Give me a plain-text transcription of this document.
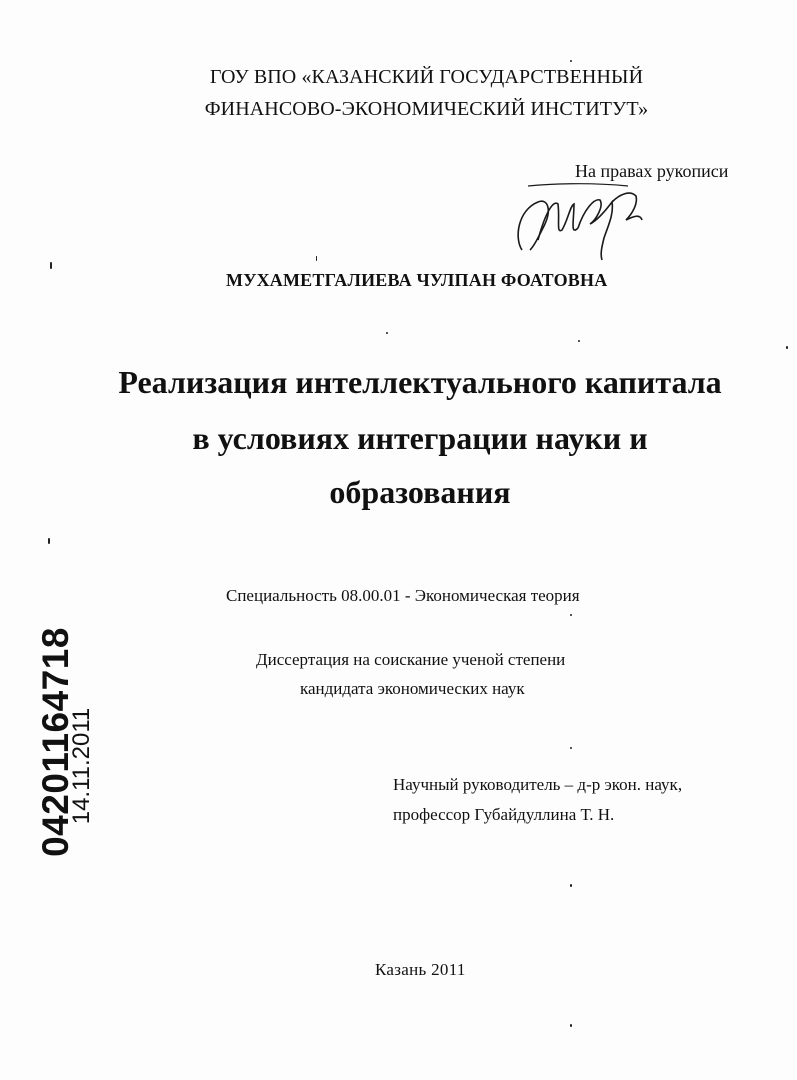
ГОУ ВПО «КАЗАНСКИЙ ГОСУДАРСТВЕННЫЙ
ФИНАНСОВО-ЭКОНОМИЧЕСКИЙ ИНСТИТУТ»
На правах рукописи
МУХАМЕТГАЛИЕВА ЧУЛПАН ФОАТОВНА
Реализация интеллектуального капитала
в условиях интеграции науки и
образования
Специальность 08.00.01 - Экономическая теория
Диссертация на соискание ученой степени
кандидата экономических наук
Научный руководитель – д-р экон. наук,
профессор Губайдуллина Т. Н.
Казань 2011
04201164718
14.11.2011
